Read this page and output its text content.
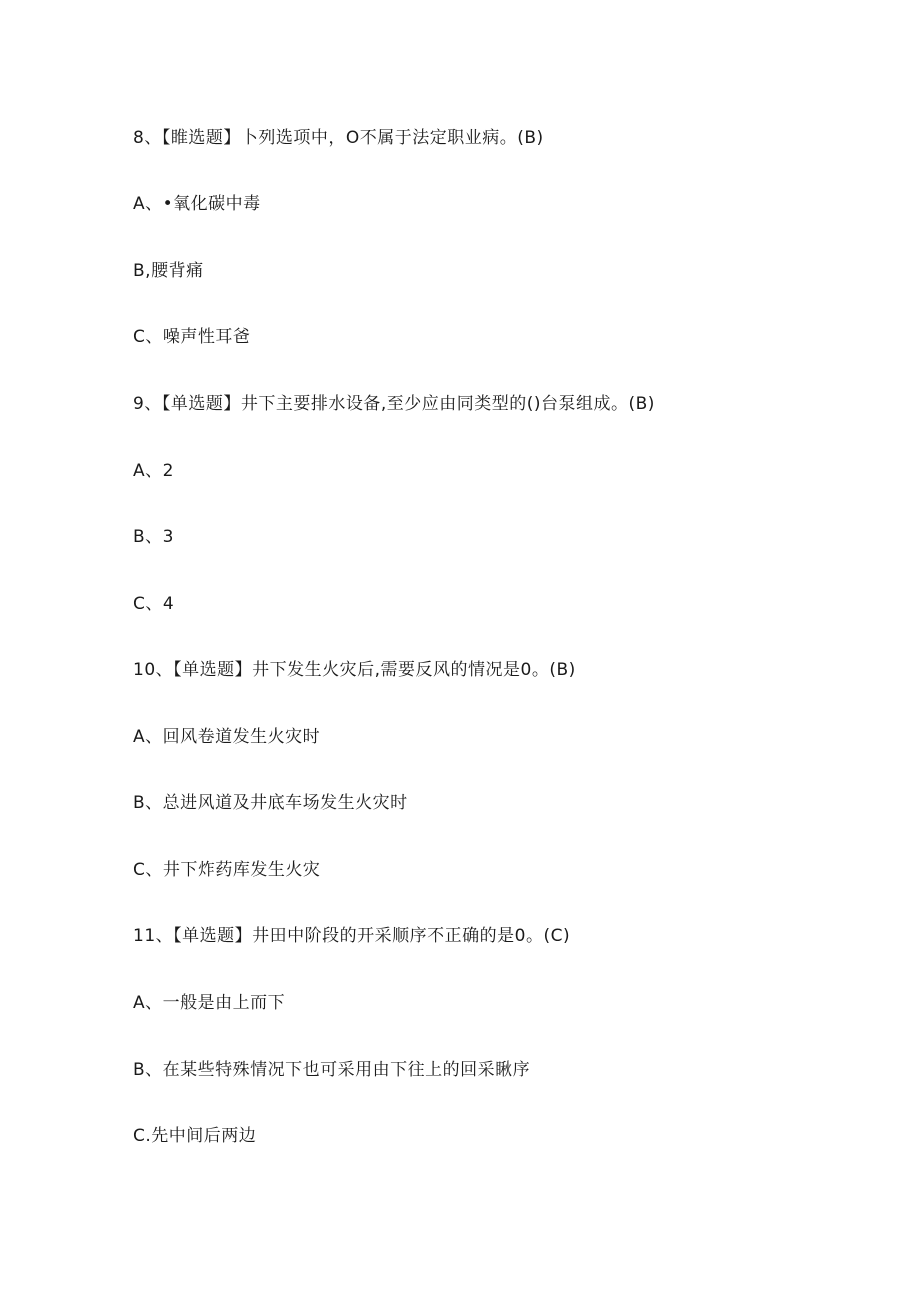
8、【睢选题】卜列选项中，O不属于法定职业病。(B)
A、•氧化碳中毒
B,腰背痛
C、噪声性耳爸
9、【单选题】井下主要排水设备,至少应由同类型的()台泵组成。(B)
A、2
B、3
C、4
10、【单选题】井下发生火灾后,需要反风的情况是0。(B)
A、回风卷道发生火灾时
B、总进风道及井底车场发生火灾时
C、井下炸药库发生火灾
11、【单选题】井田中阶段的开采顺序不正确的是0。(C)
A、一般是由上而下
B、在某些特殊情况下也可采用由下往上的回采瞅序
C.先中间后两边
